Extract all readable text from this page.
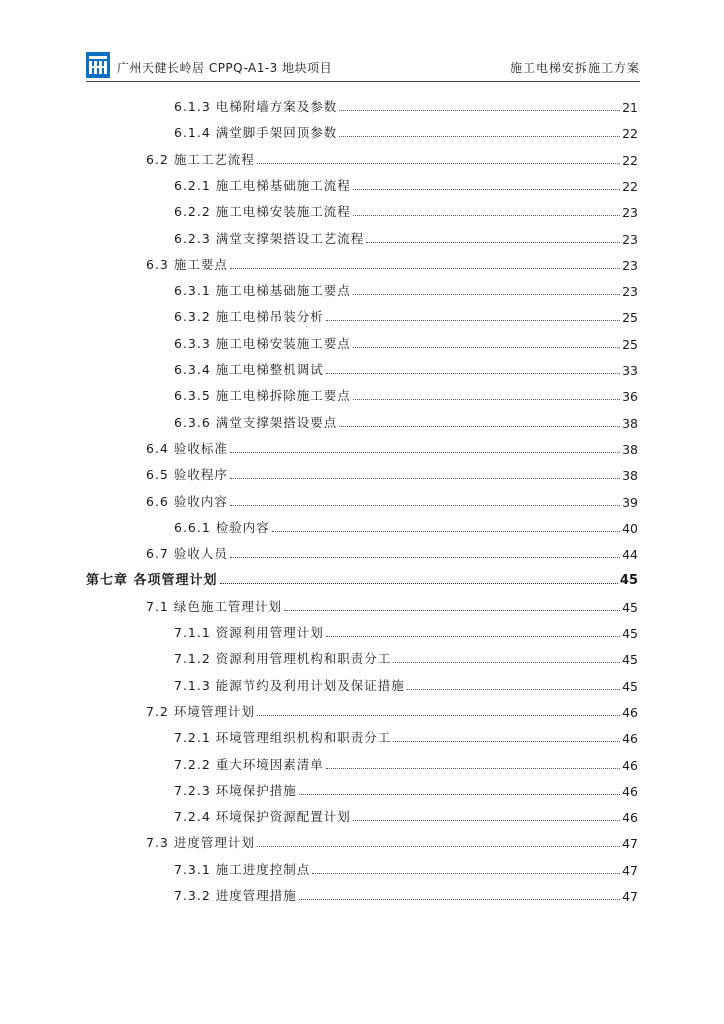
广州天健长岭居 CPPQ-A1-3 地块项目	施工电梯安拆施工方案
6.1.3 电梯附墙方案及参数	21
6.1.4 满堂脚手架回顶参数	22
6.2 施工工艺流程	22
6.2.1 施工电梯基础施工流程	22
6.2.2 施工电梯安装施工流程	23
6.2.3 满堂支撑架搭设工艺流程	23
6.3 施工要点	23
6.3.1 施工电梯基础施工要点	23
6.3.2 施工电梯吊装分析	25
6.3.3 施工电梯安装施工要点	25
6.3.4 施工电梯整机调试	33
6.3.5 施工电梯拆除施工要点	36
6.3.6 满堂支撑架搭设要点	38
6.4 验收标准	38
6.5 验收程序	38
6.6 验收内容	39
6.6.1 检验内容	40
6.7 验收人员	44
第七章 各项管理计划	45
7.1 绿色施工管理计划	45
7.1.1 资源利用管理计划	45
7.1.2 资源利用管理机构和职责分工	45
7.1.3 能源节约及利用计划及保证措施	45
7.2 环境管理计划	46
7.2.1 环境管理组织机构和职责分工	46
7.2.2 重大环境因素清单	46
7.2.3 环境保护措施	46
7.2.4 环境保护资源配置计划	46
7.3 进度管理计划	47
7.3.1 施工进度控制点	47
7.3.2 进度管理措施	47
